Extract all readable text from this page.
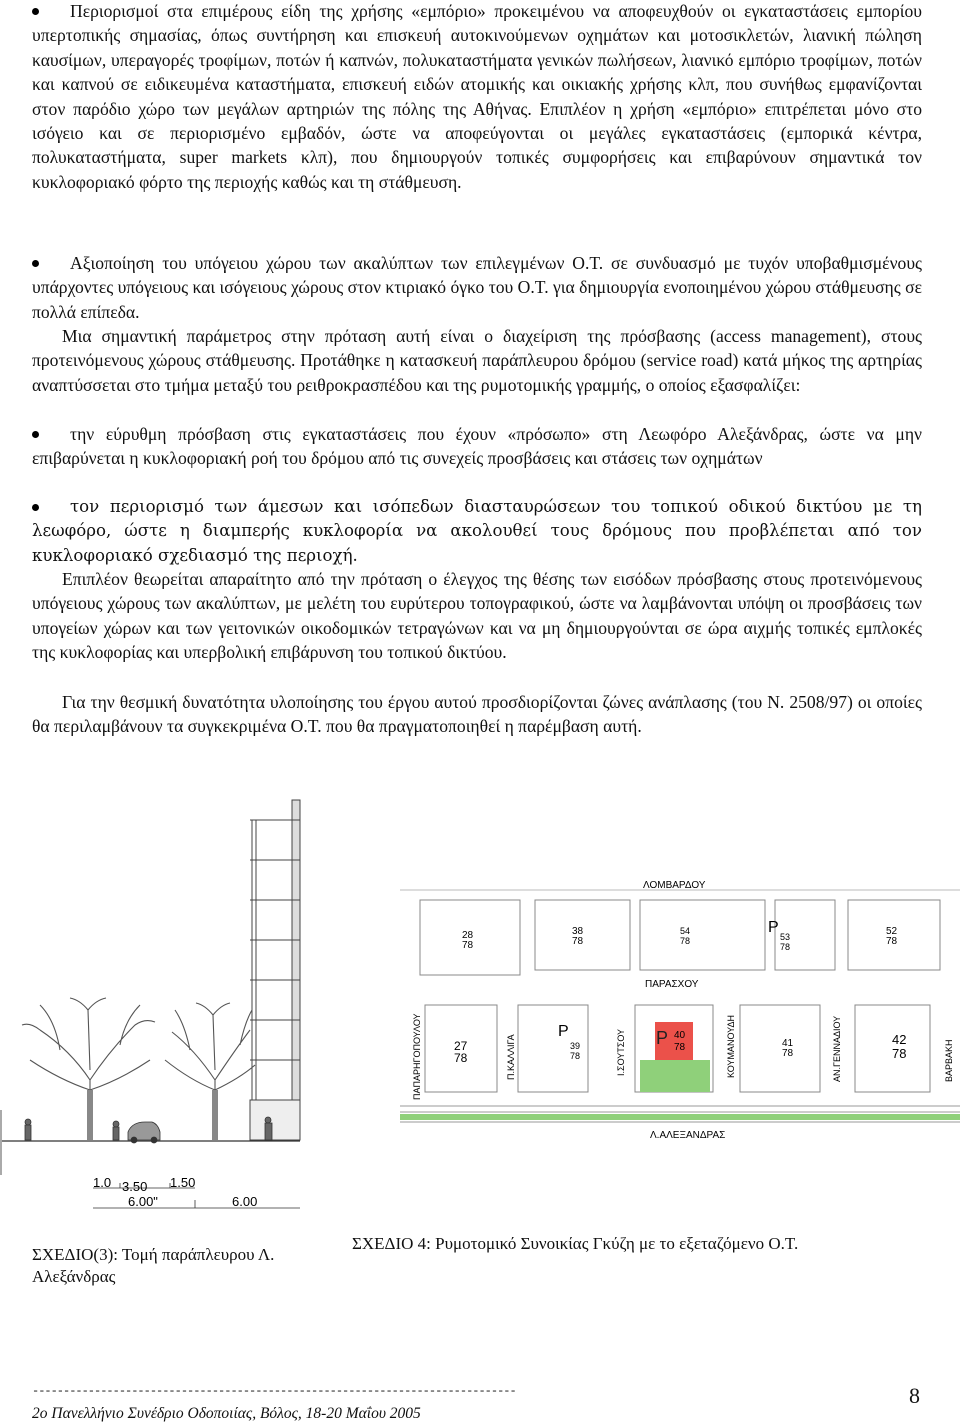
Περιορισμοί στα επιμέρους είδη της χρήσης «εμπόριο» προκειμένου να αποφευχθούν οι εγκαταστάσεις εμπορίου υπερτοπικής σημασίας, όπως συντήρηση και επισκευή αυτοκινούμενων οχημάτων και μοτοσικλετών, λιανική πώληση καυσίμων, υπεραγορές τροφίμων, ποτών ή καπνών, πολυκαταστήματα γενικών πωλήσεων, λιανικό εμπόριο τροφίμων, ποτών και καπνού σε ειδικευμένα καταστήματα, επισκευή ειδών ατομικής και οικιακής χρήσης κλπ, που συνήθως εμφανίζονται στον παρόδιο χώρο των μεγάλων αρτηριών της πόλης της Αθήνας. Επιπλέον η χρήση «εμπόριο» επιτρέπεται μόνο στο ισόγειο και σε περιορισμένο εμβαδόν, ώστε να αποφεύγονται οι μεγάλες εγκαταστάσεις (εμπορικά κέντρα, πολυκαταστήματα, super markets κλπ), που δημιουργούν τοπικές συμφορήσεις και επιβαρύνουν σημαντικά τον κυκλοφοριακό φόρτο της περιοχής καθώς και τη στάθμευση.

Αξιοποίηση του υπόγειου χώρου των ακαλύπτων των επιλεγμένων Ο.Τ. σε συνδυασμό με τυχόν υποβαθμισμένους υπάρχοντες υπόγειους και ισόγειους χώρους στον κτιριακό όγκο του Ο.Τ. για δημιουργία ενοποιημένου χώρου στάθμευσης σε πολλά επίπεδα.

Μια σημαντική παράμετρος στην πρόταση αυτή είναι ο διαχείριση της πρόσβασης (access management), στους προτεινόμενους χώρους στάθμευσης. Προτάθηκε η κατασκευή παράπλευρου δρόμου (service road) κατά μήκος της αρτηρίας αναπτύσσεται στο τμήμα μεταξύ του ρειθροκρασπέδου και της ρυμοτομικής γραμμής, ο οποίος εξασφαλίζει:

την εύρυθμη πρόσβαση στις εγκαταστάσεις που έχουν «πρόσωπο» στη Λεωφόρο Αλεξάνδρας, ώστε να μην επιβαρύνεται η κυκλοφοριακή ροή του δρόμου από τις συνεχείς προσβάσεις και στάσεις των οχημάτων

τον περιορισμό των άμεσων και ισόπεδων διασταυρώσεων του τοπικού οδικού δικτύου με τη λεωφόρο, ώστε η διαμπερής κυκλοφορία να ακολουθεί τους δρόμους που προβλέπεται από τον κυκλοφοριακό σχεδιασμό της περιοχή.

Επιπλέον θεωρείται απαραίτητο από την πρόταση ο έλεγχος της θέσης των εισόδων πρόσβασης στους προτεινόμενους υπόγειους χώρους των ακαλύπτων, με μελέτη του ευρύτερου τοπογραφικού, ώστε να λαμβάνονται υπόψη οι προσβάσεις των υπογείων χώρων και των γειτονικών οικοδομικών τετραγώνων και να μη δημιουργούνται σε ώρα αιχμής τοπικές εμπλοκές της κυκλοφορίας και υπερβολική επιβάρυνση του τοπικού δικτύου.

Για την θεσμική δυνατότητα υλοποίησης του έργου αυτού προσδιορίζονται ζώνες ανάπλασης (του Ν. 2508/97) οι οποίες θα περιλαμβάνουν τα συγκεκριμένα Ο.Τ. που θα πραγματοποιηθεί η παρέμβαση αυτή.

1.0 3.50 1.50
6.00"	6.00
ΛΟΜΒΑΡΔΟΥ
28
78
38
78
54
78
P
53
78
52
78
ΠΑΡΑΣΧΟΥ
27
78
P
39
78
P 40
78	41
78
42
78
ΠΑΠΑΡΗΓΟΠΟΥΛΟΥ	Π.ΚΑΛΛΙΓΑ	Ι.ΣΟΥΤΣΟΥ	ΚΟΥΜΑΝΟΥΔΗ	ΑΝ.ΓΕΝΝΑΔΙΟΥ	ΒΑΡΒΑΚΗ
Λ.ΑΛΕΞΑΝΔΡΑΣ
ΣΧΕΔΙΟ(3): Τομή παράπλευρου Λ. Αλεξάνδρας
ΣΧΕΔΙΟ 4: Ρυμοτομικό Συνοικίας Γκύζη με το εξεταζόμενο Ο.Τ.
------------------------------------------------------------------------------
2ο Πανελλήνιο Συνέδριο Οδοποιίας, Βόλος, 18-20 Μαΐου 2005
8
